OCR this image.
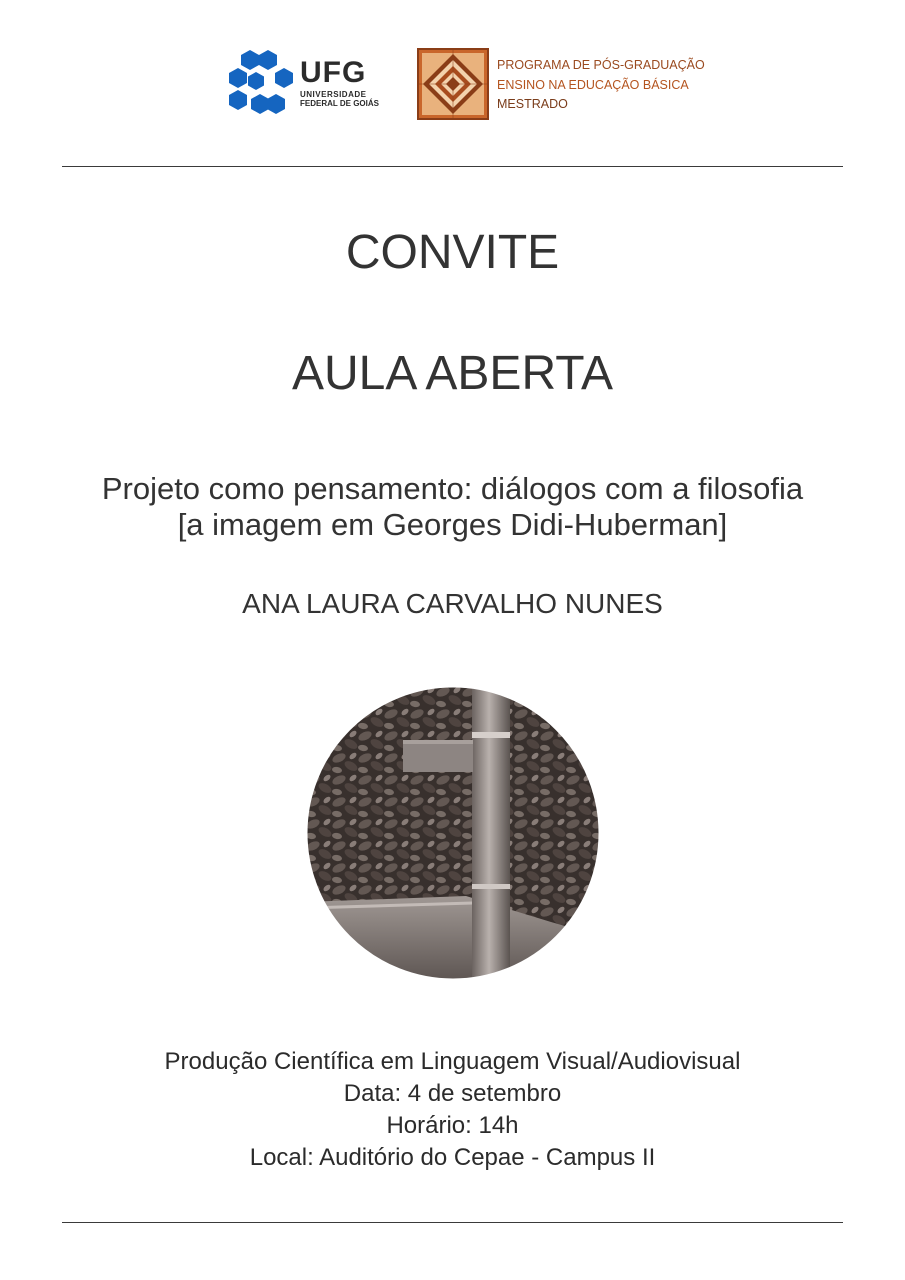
UFG
UNIVERSIDADE
FEDERAL DE GOIÁS
PROGRAMA DE PÓS-GRADUAÇÃO
ENSINO NA EDUCAÇÃO BÁSICA
MESTRADO
CONVITE
AULA ABERTA
Projeto como pensamento: diálogos com a filosofia
[a imagem em Georges Didi-Huberman]
ANA LAURA CARVALHO NUNES
Produção Científica em Linguagem Visual/Audiovisual
Data: 4 de setembro
Horário: 14h
Local: Auditório do Cepae - Campus II
